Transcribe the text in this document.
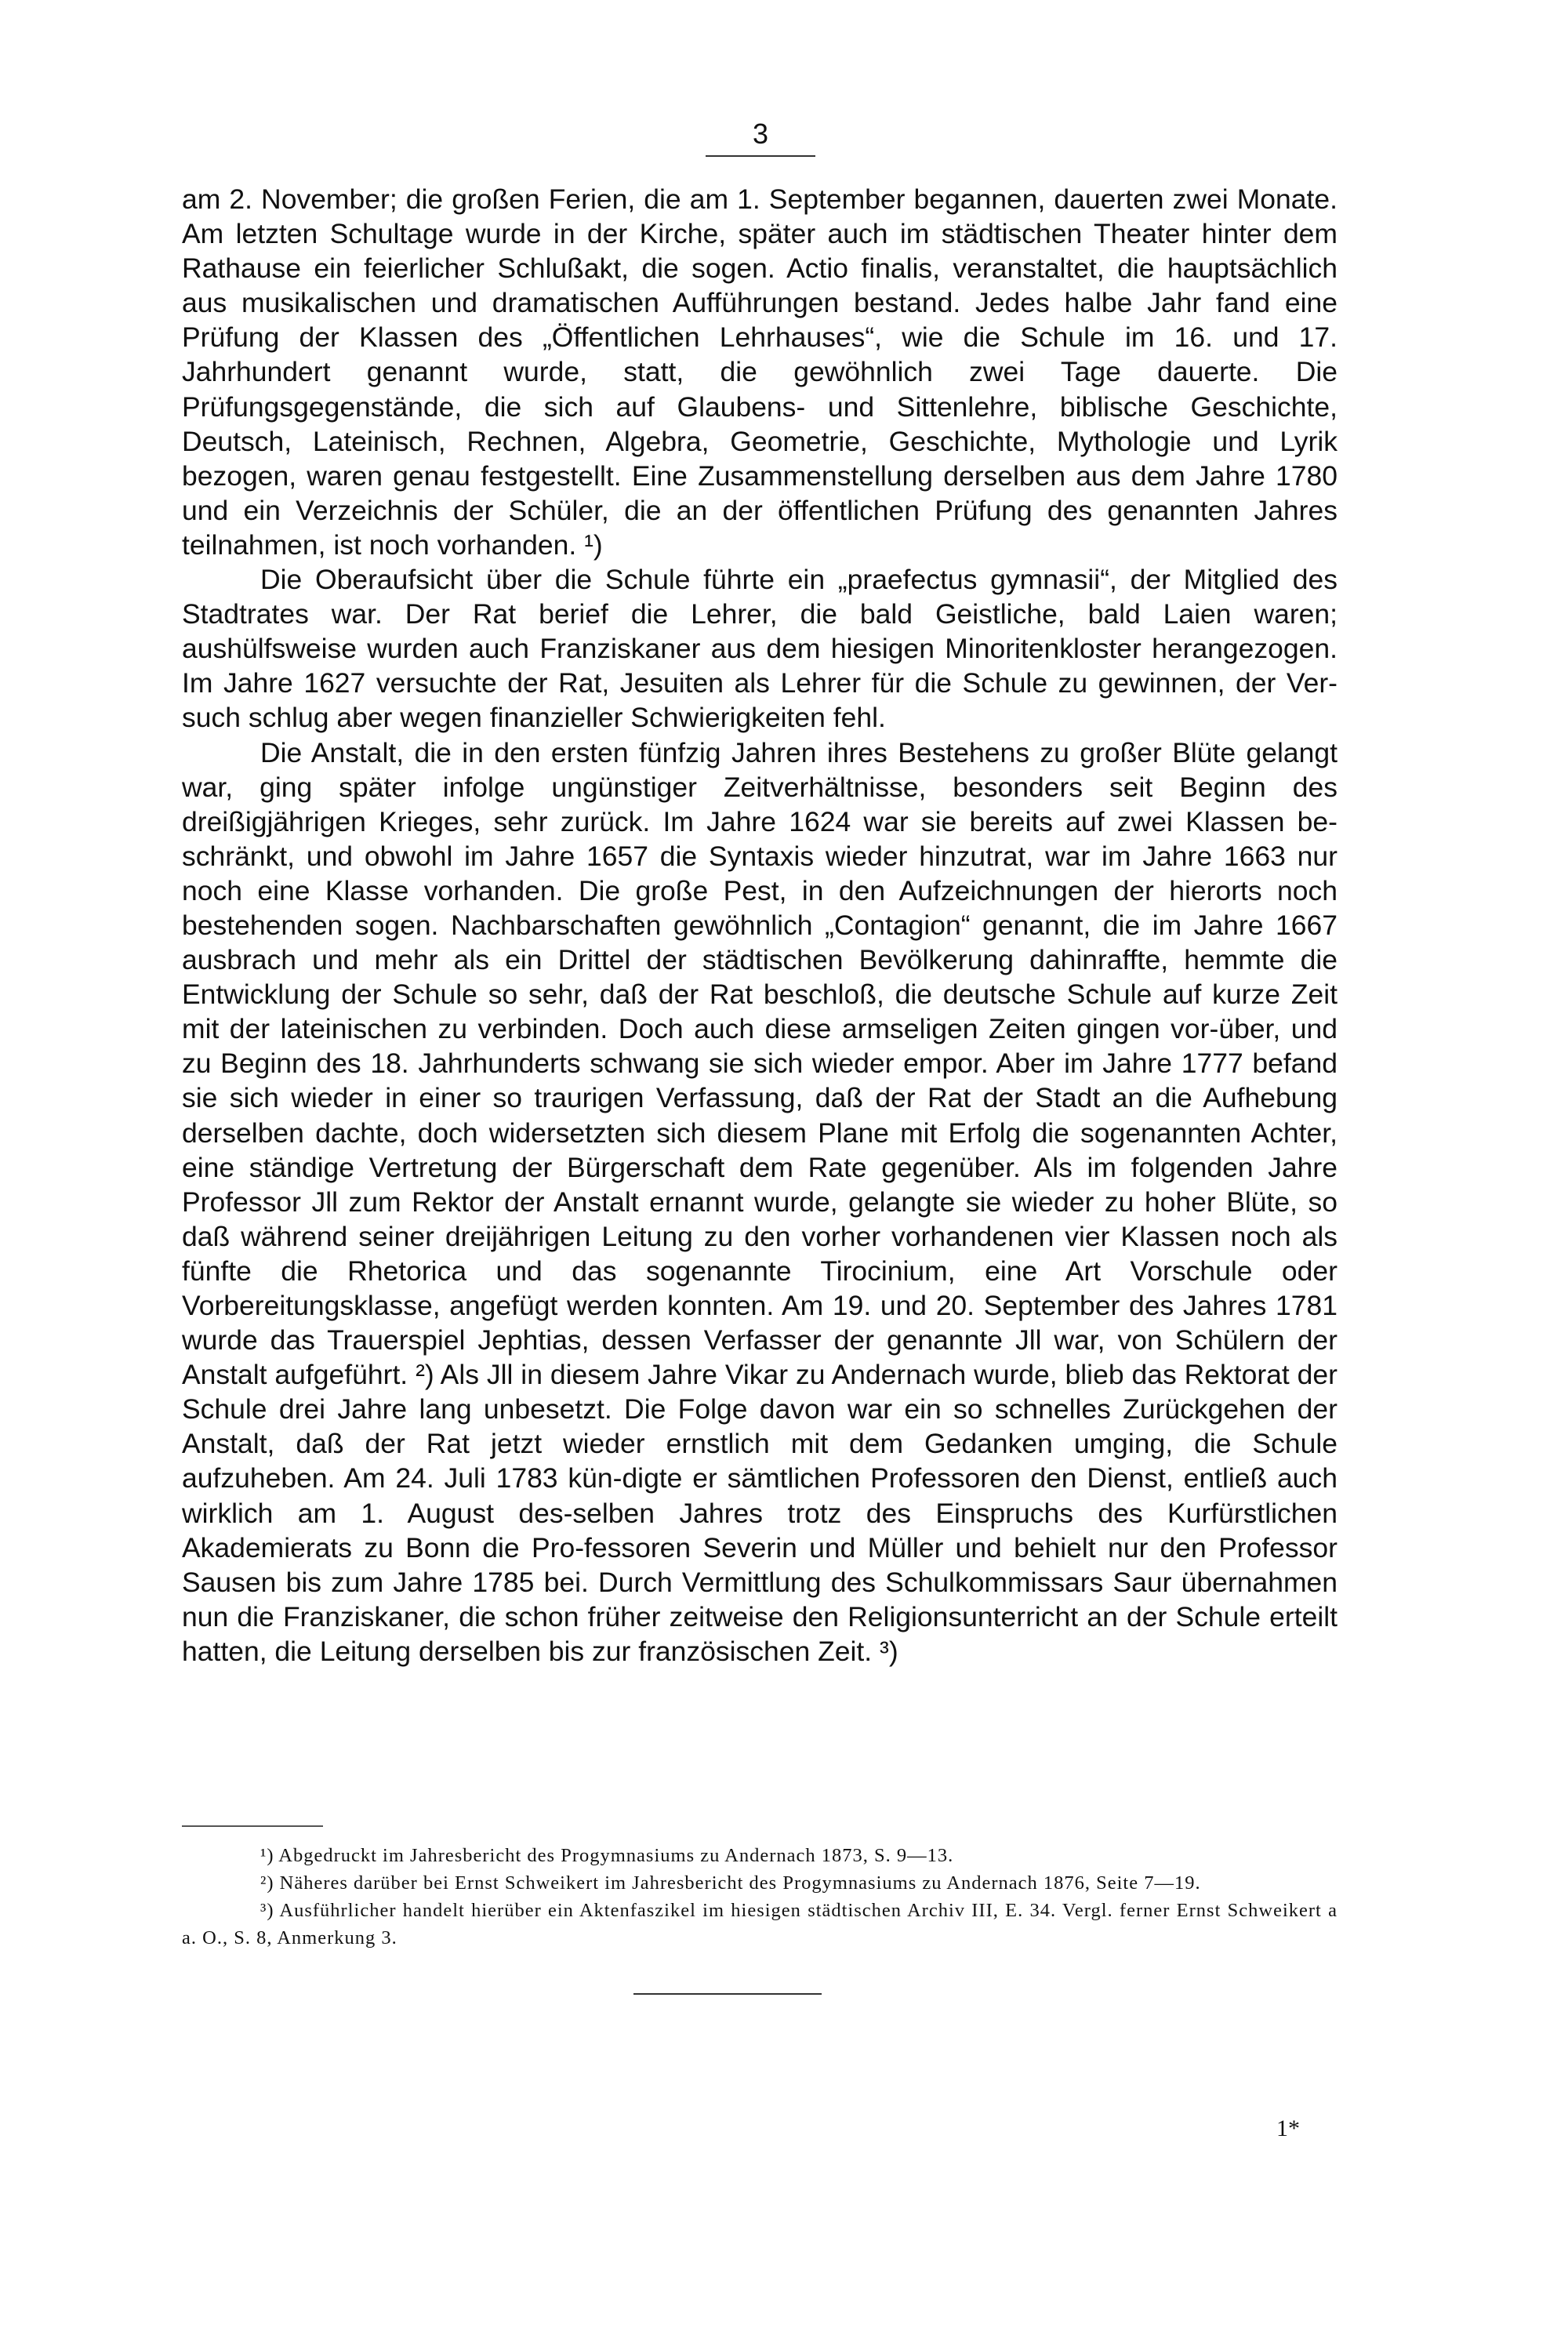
3

am 2. November; die großen Ferien, die am 1. September begannen, dauerten zwei Monate. Am letzten Schultage wurde in der Kirche, später auch im städtischen Theater hinter dem Rathause ein feierlicher Schlußakt, die sogen. Actio finalis, veranstaltet, die hauptsächlich aus musikalischen und dramatischen Aufführungen bestand. Jedes halbe Jahr fand eine Prüfung der Klassen des „Öffentlichen Lehrhauses“, wie die Schule im 16. und 17. Jahrhundert genannt wurde, statt, die gewöhnlich zwei Tage dauerte. Die Prüfungsgegenstände, die sich auf Glaubens- und Sittenlehre, biblische Geschichte, Deutsch, Lateinisch, Rechnen, Algebra, Geometrie, Geschichte, Mythologie und Lyrik bezogen, waren genau festgestellt. Eine Zusammenstellung derselben aus dem Jahre 1780 und ein Verzeichnis der Schüler, die an der öffentlichen Prüfung des genannten Jahres teilnahmen, ist noch vorhanden. ¹)

Die Oberaufsicht über die Schule führte ein „praefectus gymnasii“, der Mitglied des Stadtrates war. Der Rat berief die Lehrer, die bald Geistliche, bald Laien waren; aushülfsweise wurden auch Franziskaner aus dem hiesigen Minoritenkloster herangezogen. Im Jahre 1627 versuchte der Rat, Jesuiten als Lehrer für die Schule zu gewinnen, der Ver-such schlug aber wegen finanzieller Schwierigkeiten fehl.

Die Anstalt, die in den ersten fünfzig Jahren ihres Bestehens zu großer Blüte gelangt war, ging später infolge ungünstiger Zeitverhältnisse, besonders seit Beginn des dreißigjährigen Krieges, sehr zurück. Im Jahre 1624 war sie bereits auf zwei Klassen be-schränkt, und obwohl im Jahre 1657 die Syntaxis wieder hinzutrat, war im Jahre 1663 nur noch eine Klasse vorhanden. Die große Pest, in den Aufzeichnungen der hierorts noch bestehenden sogen. Nachbarschaften gewöhnlich „Contagion“ genannt, die im Jahre 1667 ausbrach und mehr als ein Drittel der städtischen Bevölkerung dahinraffte, hemmte die Entwicklung der Schule so sehr, daß der Rat beschloß, die deutsche Schule auf kurze Zeit mit der lateinischen zu verbinden. Doch auch diese armseligen Zeiten gingen vor-über, und zu Beginn des 18. Jahrhunderts schwang sie sich wieder empor. Aber im Jahre 1777 befand sie sich wieder in einer so traurigen Verfassung, daß der Rat der Stadt an die Aufhebung derselben dachte, doch widersetzten sich diesem Plane mit Erfolg die sogenannten Achter, eine ständige Vertretung der Bürgerschaft dem Rate gegenüber. Als im folgenden Jahre Professor Jll zum Rektor der Anstalt ernannt wurde, gelangte sie wieder zu hoher Blüte, so daß während seiner dreijährigen Leitung zu den vorher vorhandenen vier Klassen noch als fünfte die Rhetorica und das sogenannte Tirocinium, eine Art Vorschule oder Vorbereitungsklasse, angefügt werden konnten. Am 19. und 20. September des Jahres 1781 wurde das Trauerspiel Jephtias, dessen Verfasser der genannte Jll war, von Schülern der Anstalt aufgeführt. ²) Als Jll in diesem Jahre Vikar zu Andernach wurde, blieb das Rektorat der Schule drei Jahre lang unbesetzt. Die Folge davon war ein so schnelles Zurückgehen der Anstalt, daß der Rat jetzt wieder ernstlich mit dem Gedanken umging, die Schule aufzuheben. Am 24. Juli 1783 kün-digte er sämtlichen Professoren den Dienst, entließ auch wirklich am 1. August des-selben Jahres trotz des Einspruchs des Kurfürstlichen Akademierats zu Bonn die Pro-fessoren Severin und Müller und behielt nur den Professor Sausen bis zum Jahre 1785 bei. Durch Vermittlung des Schulkommissars Saur übernahmen nun die Franziskaner, die schon früher zeitweise den Religionsunterricht an der Schule erteilt hatten, die Leitung derselben bis zur französischen Zeit. ³)

¹) Abgedruckt im Jahresbericht des Progymnasiums zu Andernach 1873, S. 9—13.

²) Näheres darüber bei Ernst Schweikert im Jahresbericht des Progymnasiums zu Andernach 1876, Seite 7—19.

³) Ausführlicher handelt hierüber ein Aktenfaszikel im hiesigen städtischen Archiv III, E. 34. Vergl. ferner Ernst Schweikert a a. O., S. 8, Anmerkung 3.

1*
